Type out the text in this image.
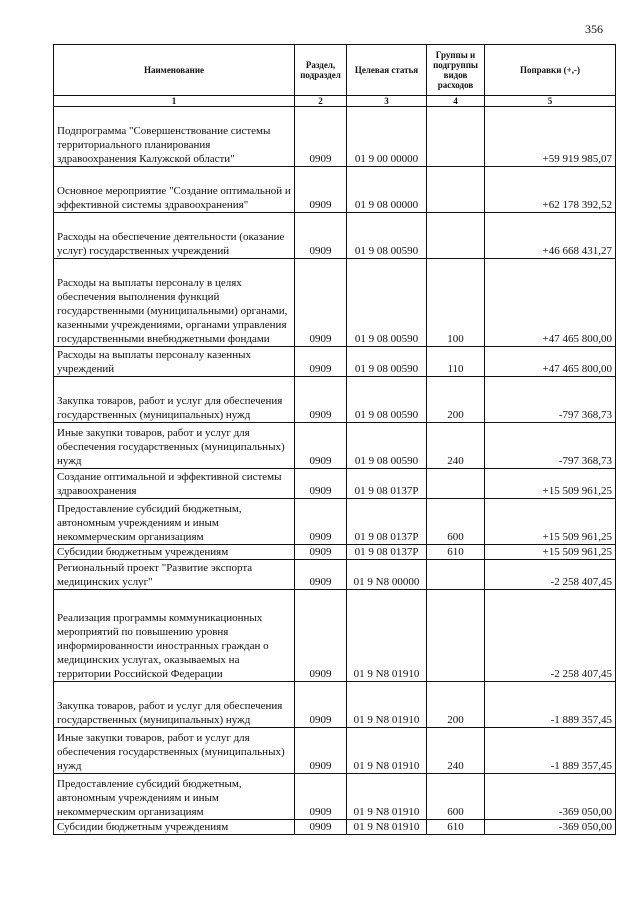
356
Наименование	Раздел, подраздел	Целевая статья	Группы и подгруппы видов расходов	Поправки (+,-)
1	2	3	4	5
Подпрограмма "Совершенствование системы территориального планирования здравоохранения Калужской области"	0909	01 9 00 00000		+59 919 985,07
Основное мероприятие "Создание оптимальной и эффективной системы здравоохранения"	0909	01 9 08 00000		+62 178 392,52
Расходы на обеспечение деятельности (оказание услуг) государственных учреждений	0909	01 9 08 00590		+46 668 431,27
Расходы на выплаты персоналу в целях обеспечения выполнения функций государственными (муниципальными) органами, казенными учреждениями, органами управления государственными внебюджетными фондами	0909	01 9 08 00590	100	+47 465 800,00
Расходы на выплаты персоналу казенных учреждений	0909	01 9 08 00590	110	+47 465 800,00
Закупка товаров, работ и услуг для обеспечения государственных (муниципальных) нужд	0909	01 9 08 00590	200	-797 368,73
Иные закупки товаров, работ и услуг для обеспечения государственных (муниципальных) нужд	0909	01 9 08 00590	240	-797 368,73
Создание оптимальной и эффективной системы здравоохранения	0909	01 9 08 0137P		+15 509 961,25
Предоставление субсидий бюджетным, автономным учреждениям и иным некоммерческим организациям	0909	01 9 08 0137P	600	+15 509 961,25
Субсидии бюджетным учреждениям	0909	01 9 08 0137P	610	+15 509 961,25
Региональный проект "Развитие экспорта медицинских услуг"	0909	01 9 N8 00000		-2 258 407,45
Реализация программы коммуникационных мероприятий по повышению уровня информированности иностранных граждан о медицинских услугах, оказываемых на территории Российской Федерации	0909	01 9 N8 01910		-2 258 407,45
Закупка товаров, работ и услуг для обеспечения государственных (муниципальных) нужд	0909	01 9 N8 01910	200	-1 889 357,45
Иные закупки товаров, работ и услуг для обеспечения государственных (муниципальных) нужд	0909	01 9 N8 01910	240	-1 889 357,45
Предоставление субсидий бюджетным, автономным учреждениям и иным некоммерческим организациям	0909	01 9 N8 01910	600	-369 050,00
Субсидии бюджетным учреждениям	0909	01 9 N8 01910	610	-369 050,00
